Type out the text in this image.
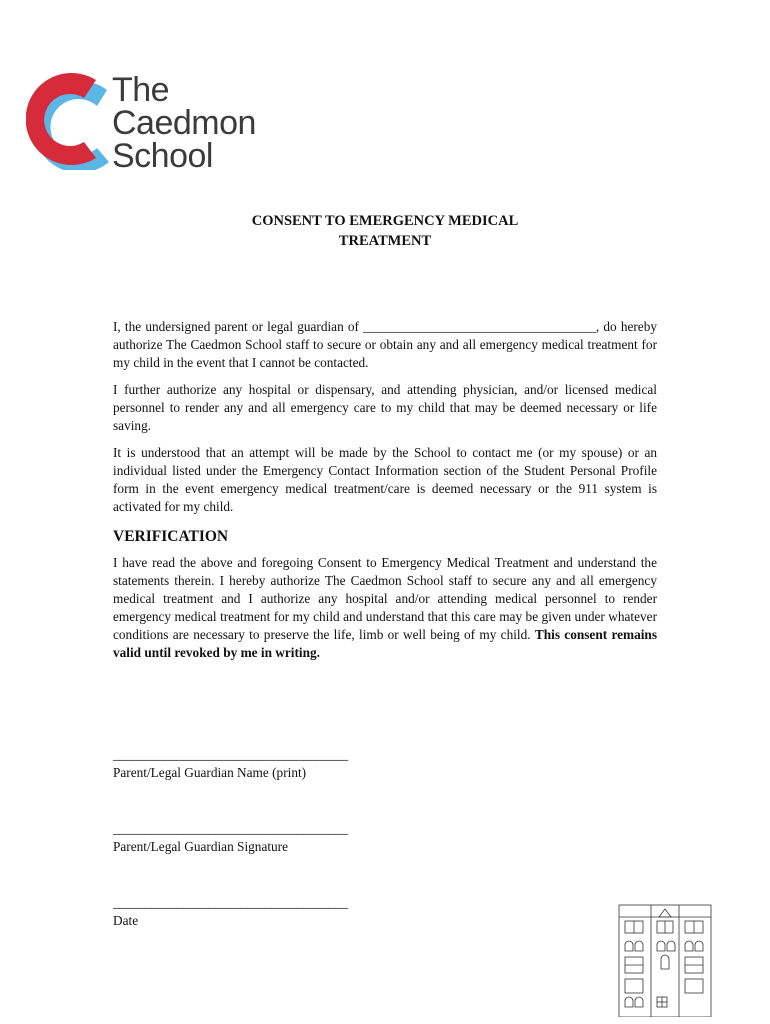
The
Caedmon
School
CONSENT TO EMERGENCY MEDICAL
TREATMENT

I, the undersigned parent or legal guardian of ___________________________________, do hereby authorize The Caedmon School staff to secure or obtain any and all emergency medical treatment for my child in the event that I cannot be contacted.

I further authorize any hospital or dispensary, and attending physician, and/or licensed medical personnel to render any and all emergency care to my child that may be deemed necessary or life saving.

It is understood that an attempt will be made by the School to contact me (or my spouse) or an individual listed under the Emergency Contact Information section of the Student Personal Profile form in the event emergency medical treatment/care is deemed necessary or the 911 system is activated for my child.

VERIFICATION

I have read the above and foregoing Consent to Emergency Medical Treatment and understand the statements therein. I hereby authorize The Caedmon School staff to secure any and all emergency medical treatment and I authorize any hospital and/or attending medical personnel to render emergency medical treatment for my child and understand that this care may be given under whatever conditions are necessary to preserve the life, limb or well being of my child. This consent remains valid until revoked by me in writing.

_____________________________________
Parent/Legal Guardian Name (print)
_____________________________________
Parent/Legal Guardian Signature
_____________________________________
Date
